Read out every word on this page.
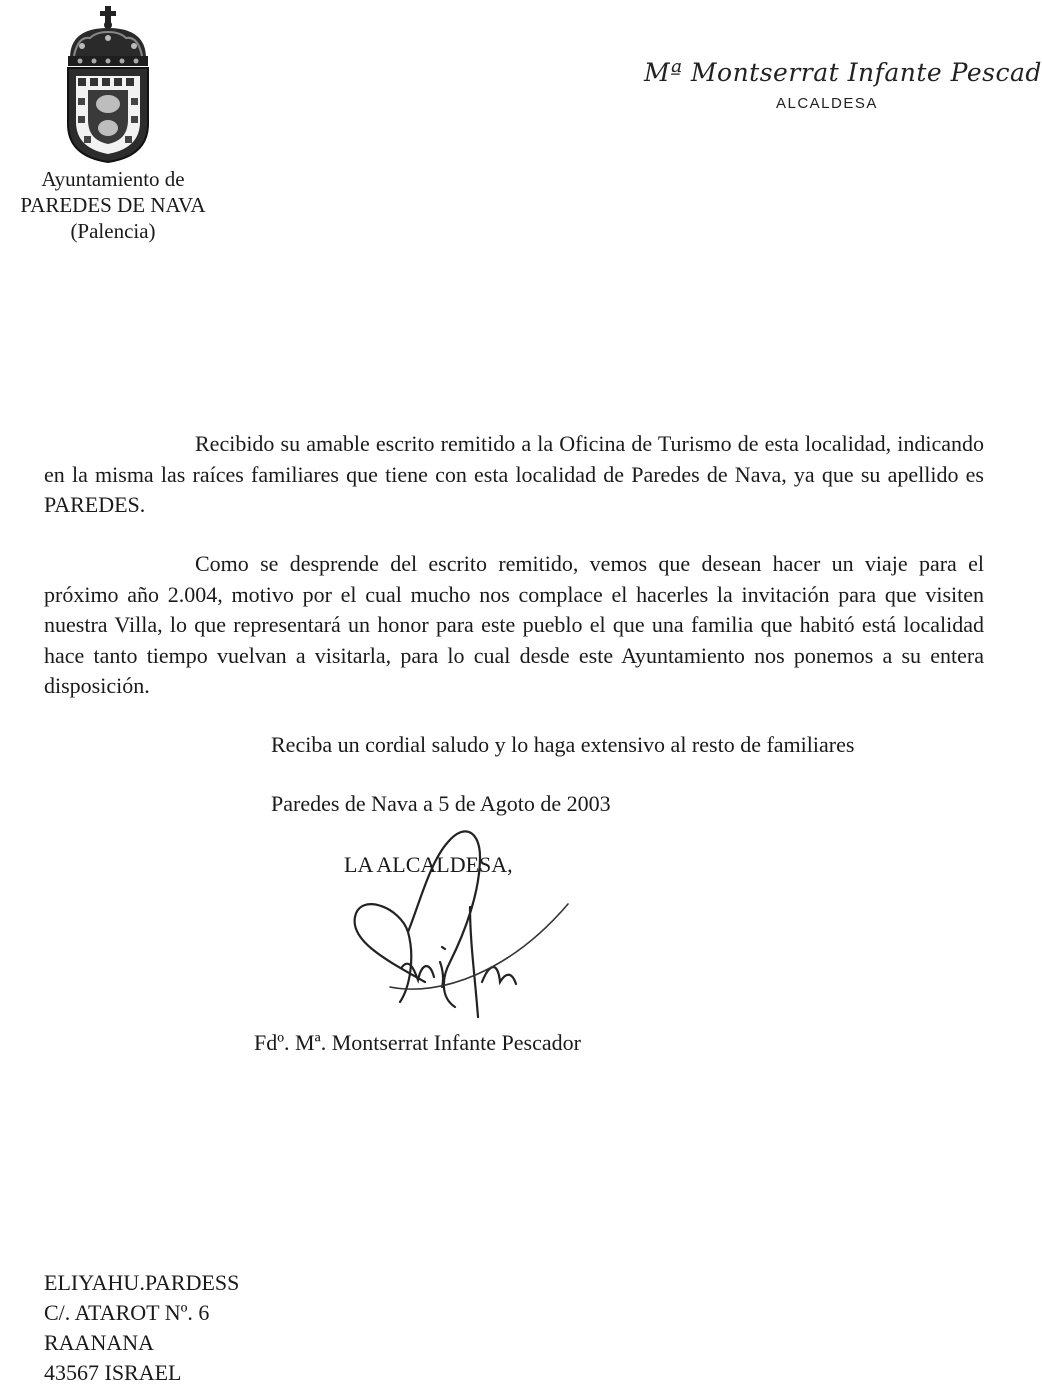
Ayuntamiento de
PAREDES DE NAVA
(Palencia)
Mª Montserrat Infante Pescad
ALCALDESA
Recibido su amable escrito remitido a la Oficina de Turismo de esta localidad, indicando en la misma las raíces familiares que tiene con esta localidad de Paredes de Nava, ya que su apellido es PAREDES.
Como se desprende del escrito remitido, vemos que desean hacer un viaje para el próximo año 2.004, motivo por el cual mucho nos complace el hacerles la invitación para que visiten nuestra Villa, lo que representará un honor para este pueblo el que una familia que habitó está localidad hace tanto tiempo vuelvan a visitarla, para lo cual desde este Ayuntamiento nos ponemos a su entera disposición.
Reciba un cordial saludo y lo haga extensivo al resto de familiares
Paredes de Nava a 5 de Agoto de 2003
LA ALCALDESA,
Fdº. Mª. Montserrat Infante Pescador
ELIYAHU.PARDESS
C/. ATAROT Nº. 6
RAANANA
43567 ISRAEL
